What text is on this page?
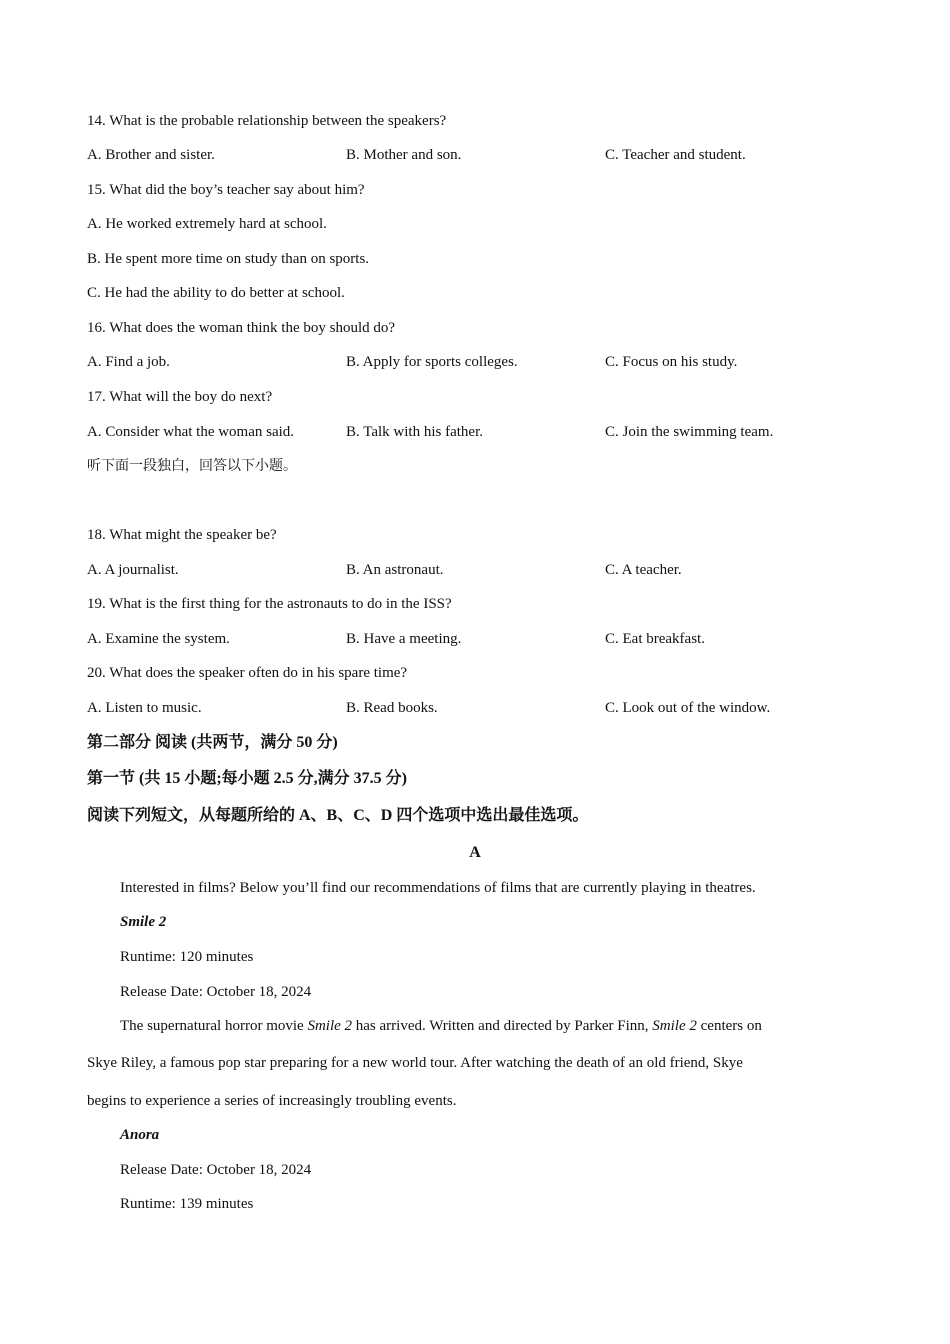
14. What is the probable relationship between the speakers?
A. Brother and sister.	B. Mother and son.	C. Teacher and student.
15. What did the boy’s teacher say about him?
A. He worked extremely hard at school.
B. He spent more time on study than on sports.
C. He had the ability to do better at school.
16. What does the woman think the boy should do?
A. Find a job.	B. Apply for sports colleges.	C. Focus on his study.
17. What will the boy do next?
A. Consider what the woman said.	B. Talk with his father.	C. Join the swimming team.
听下面一段独白，回答以下小题。
18. What might the speaker be?
A. A journalist.	B. An astronaut.	C. A teacher.
19. What is the first thing for the astronauts to do in the ISS?
A. Examine the system.	B. Have a meeting.	C. Eat breakfast.
20. What does the speaker often do in his spare time?
A. Listen to music.	B. Read books.	C. Look out of the window.
第二部分 阅读 (共两节，满分 50 分)
第一节 (共 15 小题;每小题 2.5 分,满分 37.5 分)
阅读下列短文，从每题所给的 A、B、C、D 四个选项中选出最佳选项。
A
Interested in films? Below you’ll find our recommendations of films that are currently playing in theatres.
Smile 2
Runtime: 120 minutes
Release Date: October 18, 2024
The supernatural horror movie Smile 2 has arrived. Written and directed by Parker Finn, Smile 2 centers on
Skye Riley, a famous pop star preparing for a new world tour. After watching the death of an old friend, Skye
begins to experience a series of increasingly troubling events.
Anora
Release Date: October 18, 2024
Runtime: 139 minutes
